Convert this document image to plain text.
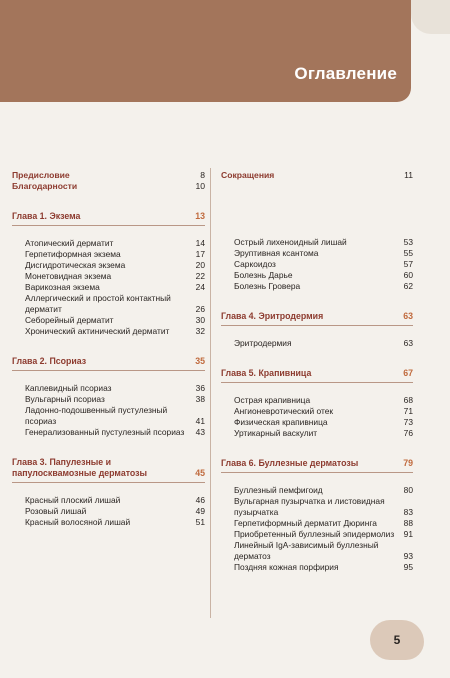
Оглавление
Предисловие	8
Благодарности	10
Глава 1. Экзема	13
Атопический дерматит	14
Герпетиформная экзема	17
Дисгидротическая экзема	20
Монетовидная экзема	22
Варикозная экзема	24
Аллергический и простой контактный дерматит	26
Себорейный дерматит	30
Хронический актинический дерматит	32
Глава 2. Псориаз	35
Каплевидный псориаз	36
Вульгарный псориаз	38
Ладонно-подошвенный пустулезный псориаз	41
Генерализованный пустулезный псориаз	43
Глава 3. Папулезные и папулосквамозные дерматозы	45
Красный плоский лишай	46
Розовый лишай	49
Красный волосяной лишай	51
Сокращения	11
Острый лихеноидный лишай	53
Эруптивная ксантома	55
Саркоидоз	57
Болезнь Дарье	60
Болезнь Гровера	62
Глава 4. Эритродермия	63
Эритродермия	63
Глава 5. Крапивница	67
Острая крапивница	68
Ангионевротический отек	71
Физическая крапивница	73
Уртикарный васкулит	76
Глава 6. Буллезные дерматозы	79
Буллезный пемфигоид	80
Вульгарная пузырчатка и листовидная пузырчатка	83
Герпетиформный дерматит Дюринга	88
Приобретенный буллезный эпидермолиз	91
Линейный IgA-зависимый буллезный дерматоз	93
Поздняя кожная порфирия	95
5
